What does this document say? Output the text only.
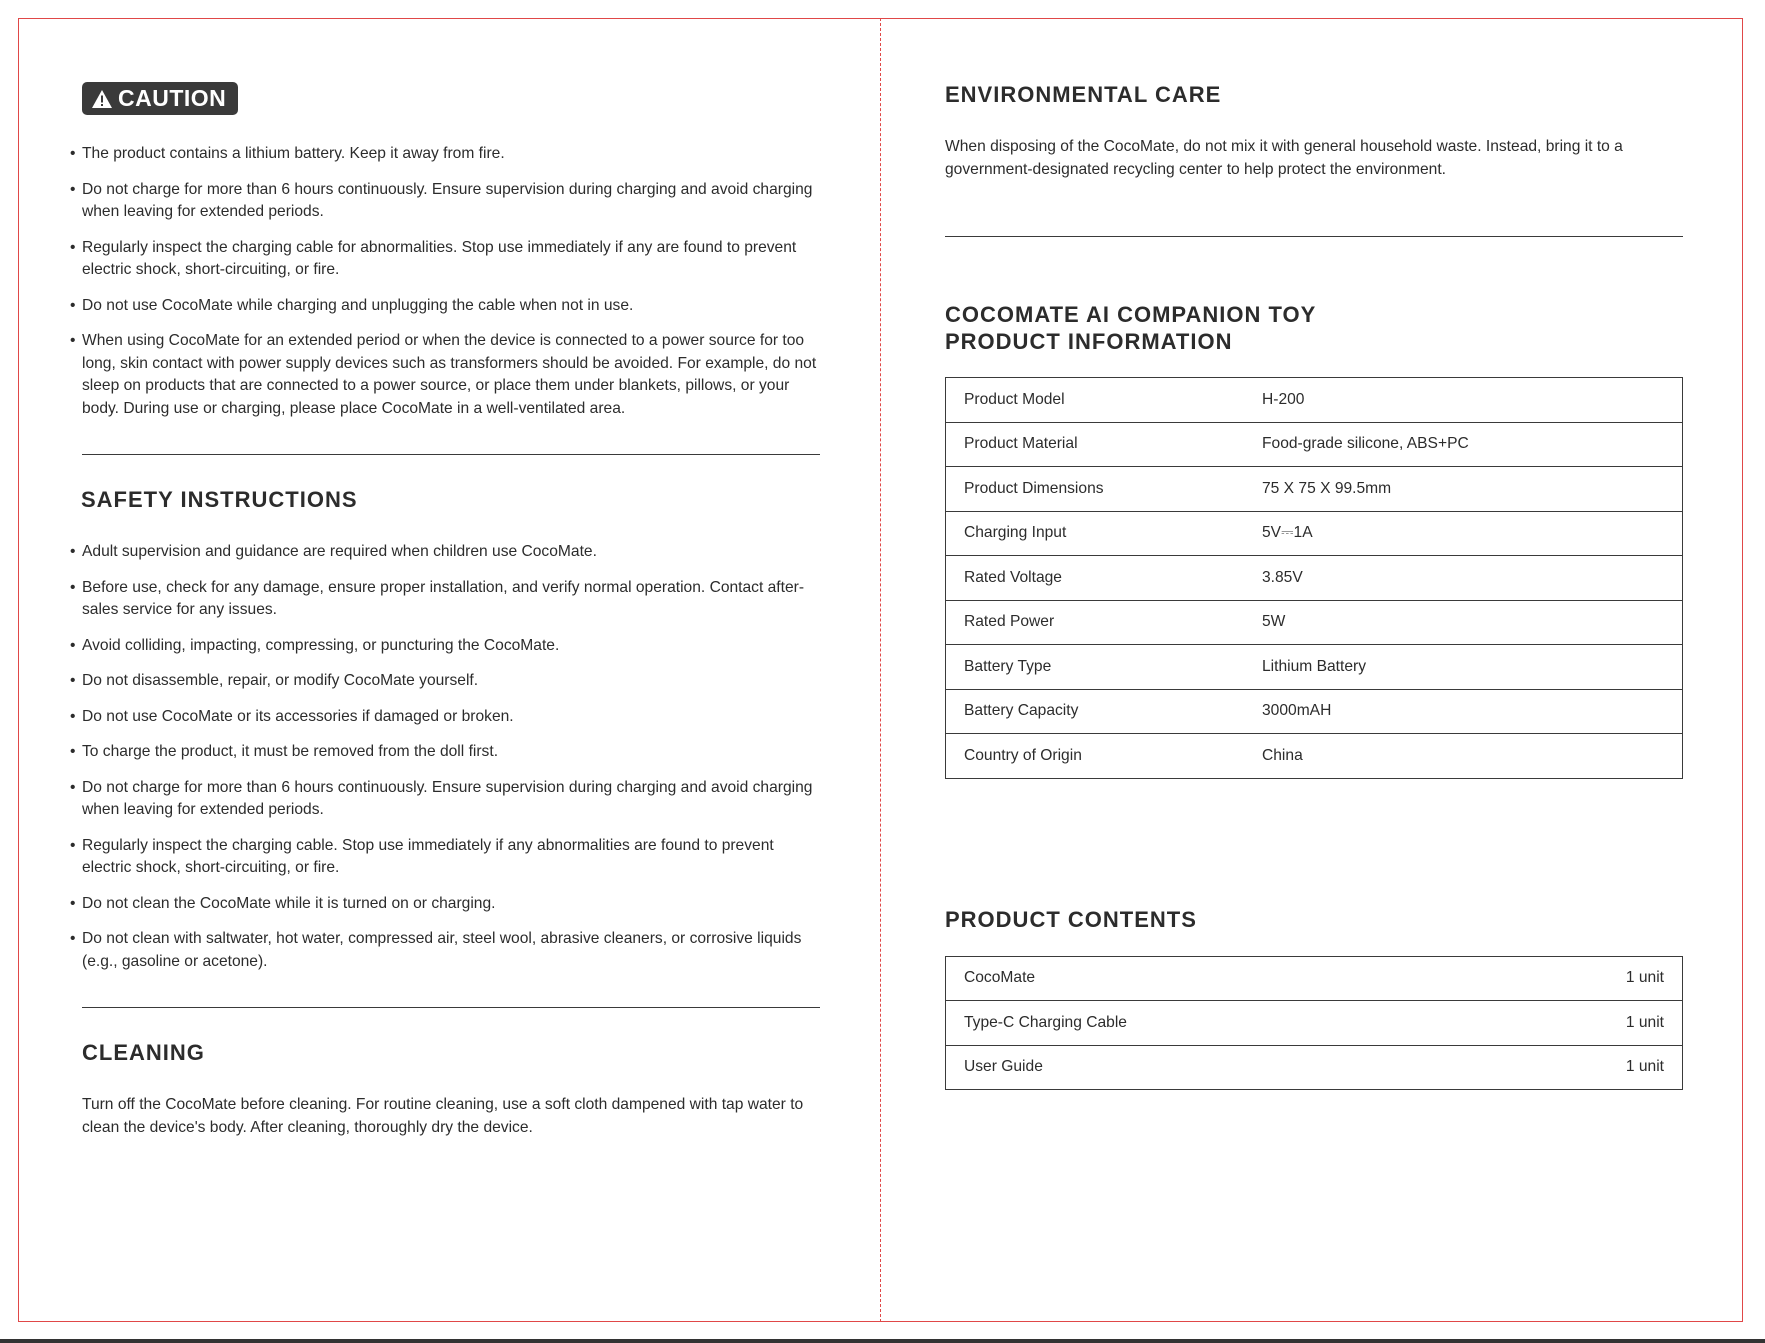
CAUTION
• The product contains a lithium battery. Keep it away from fire.
• Do not charge for more than 6 hours continuously. Ensure supervision during charging and avoid charging when leaving for extended periods.
• Regularly inspect the charging cable for abnormalities. Stop use immediately if any are found to prevent electric shock, short-circuiting, or fire.
• Do not use CocoMate while charging and unplugging the cable when not in use.
• When using CocoMate for an extended period or when the device is connected to a power source for too long, skin contact with power supply devices such as transformers should be avoided. For example, do not sleep on products that are connected to a power source, or place them under blankets, pillows, or your body. During use or charging, please place CocoMate in a well-ventilated area.
SAFETY INSTRUCTIONS
• Adult supervision and guidance are required when children use CocoMate.
• Before use, check for any damage, ensure proper installation, and verify normal operation. Contact after-sales service for any issues.
• Avoid colliding, impacting, compressing, or puncturing the CocoMate.
• Do not disassemble, repair, or modify CocoMate yourself.
• Do not use CocoMate or its accessories if damaged or broken.
• To charge the product, it must be removed from the doll first.
• Do not charge for more than 6 hours continuously. Ensure supervision during charging and avoid charging when leaving for extended periods.
• Regularly inspect the charging cable. Stop use immediately if any abnormalities are found to prevent electric shock, short-circuiting, or fire.
• Do not clean the CocoMate while it is turned on or charging.
• Do not clean with saltwater, hot water, compressed air, steel wool, abrasive cleaners, or corrosive liquids (e.g., gasoline or acetone).
CLEANING

Turn off the CocoMate before cleaning. For routine cleaning, use a soft cloth dampened with tap water to clean the device's body. After cleaning, thoroughly dry the device.

ENVIRONMENTAL CARE

When disposing of the CocoMate, do not mix it with general household waste. Instead, bring it to a government-designated recycling center to help protect the environment.

COCOMATE AI COMPANION TOY
PRODUCT INFORMATION
Product Model	H-200
Product Material	Food-grade silicone, ABS+PC
Product Dimensions	75 X 75 X 99.5mm
Charging Input	5V⎓1A
Rated Voltage	3.85V
Rated Power	5W
Battery Type	Lithium Battery
Battery Capacity	3000mAH
Country of Origin	China
PRODUCT CONTENTS
CocoMate	1 unit
Type-C Charging Cable	1 unit
User Guide	1 unit
